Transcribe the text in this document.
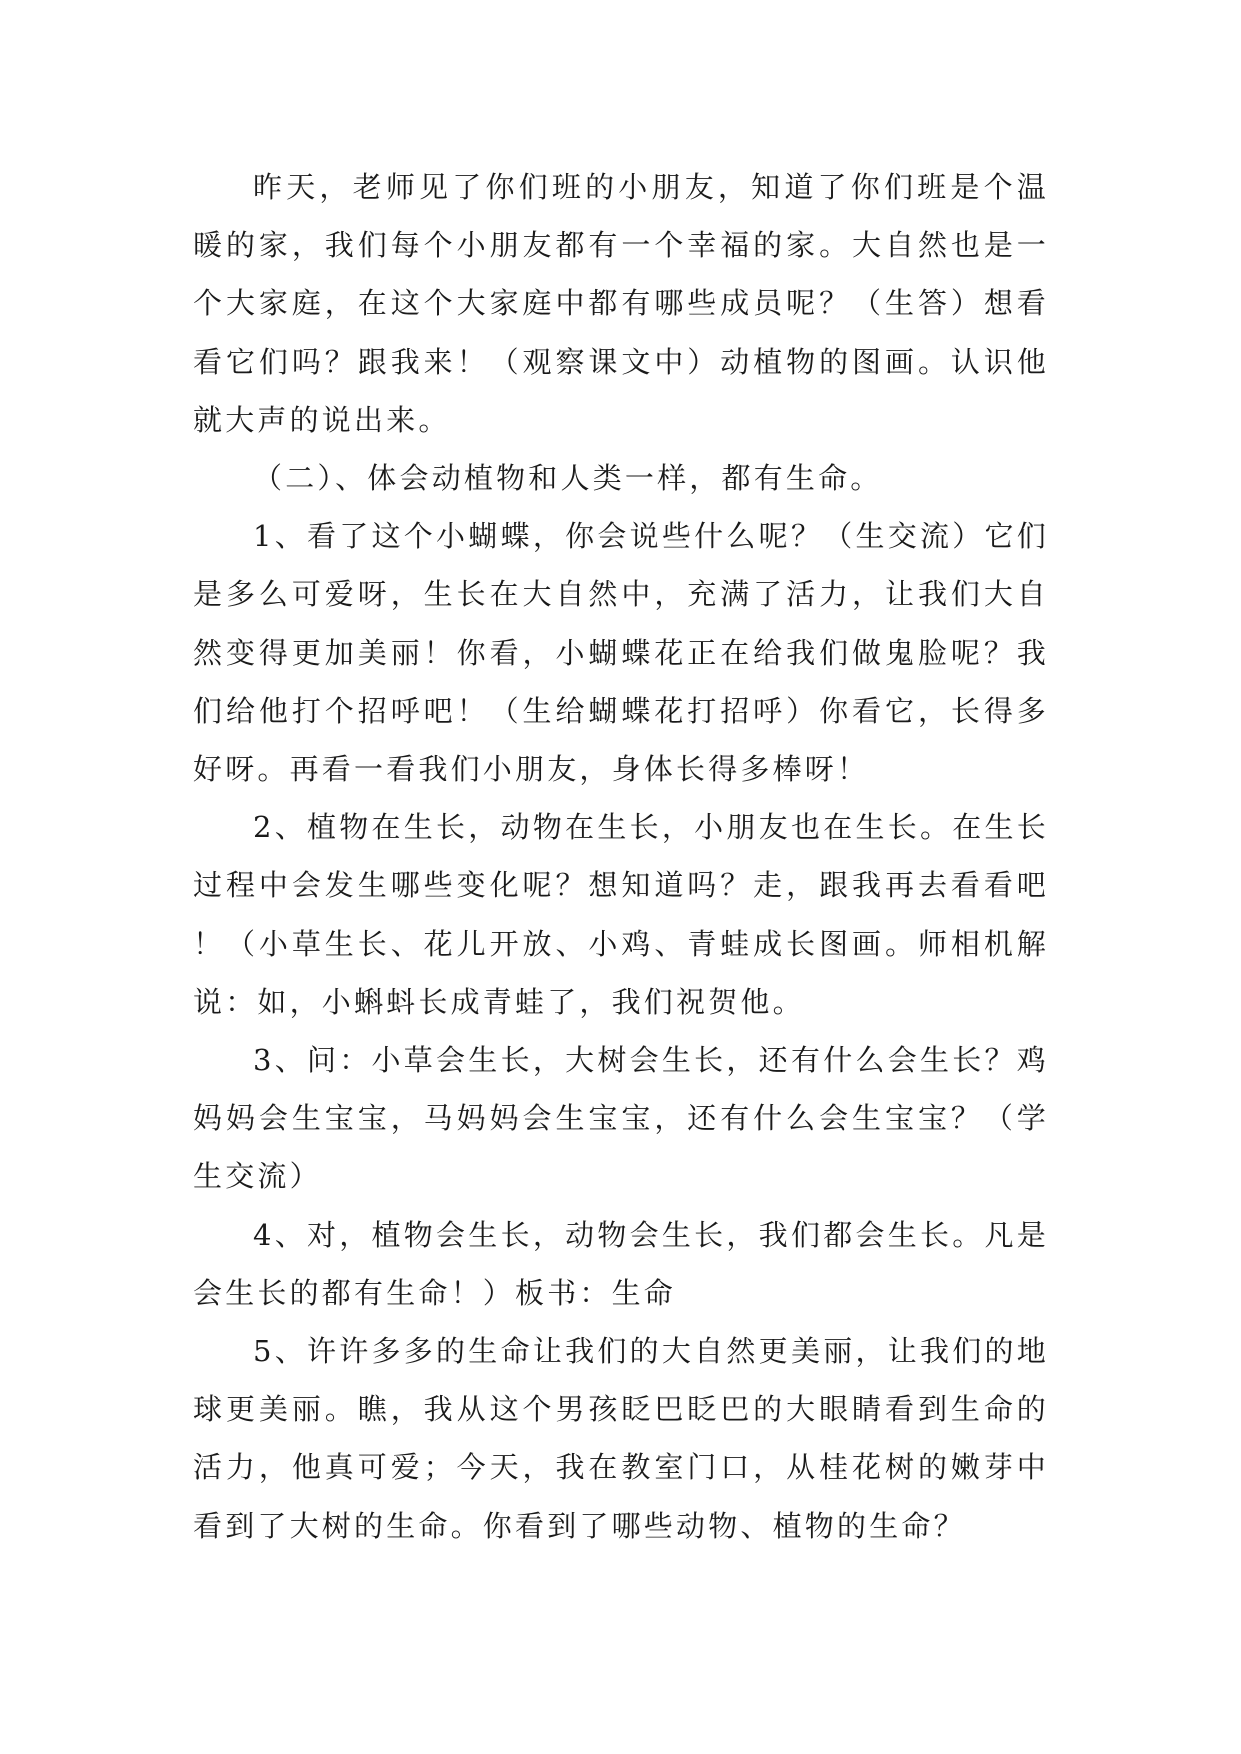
昨天，老师见了你们班的小朋友，知道了你们班是个温暖的家，我们每个小朋友都有一个幸福的家。大自然也是一个大家庭，在这个大家庭中都有哪些成员呢？（生答）想看看它们吗？跟我来！（观察课文中）动植物的图画。认识他就大声的说出来。

（二）、体会动植物和人类一样，都有生命。

1、看了这个小蝴蝶，你会说些什么呢？（生交流）它们是多么可爱呀，生长在大自然中，充满了活力，让我们大自然变得更加美丽！你看，小蝴蝶花正在给我们做鬼脸呢？我们给他打个招呼吧！（生给蝴蝶花打招呼）你看它，长得多好呀。再看一看我们小朋友，身体长得多棒呀！

2、植物在生长，动物在生长，小朋友也在生长。在生长过程中会发生哪些变化呢？想知道吗？走，跟我再去看看吧！（小草生长、花儿开放、小鸡、青蛙成长图画。师相机解说：如，小蝌蚪长成青蛙了，我们祝贺他。

3、问：小草会生长，大树会生长，还有什么会生长？鸡妈妈会生宝宝，马妈妈会生宝宝，还有什么会生宝宝？（学生交流）

4、对，植物会生长，动物会生长，我们都会生长。凡是会生长的都有生命！）板书：生命

5、许许多多的生命让我们的大自然更美丽，让我们的地球更美丽。瞧，我从这个男孩眨巴眨巴的大眼睛看到生命的活力，他真可爱；今天，我在教室门口，从桂花树的嫩芽中看到了大树的生命。你看到了哪些动物、植物的生命？
